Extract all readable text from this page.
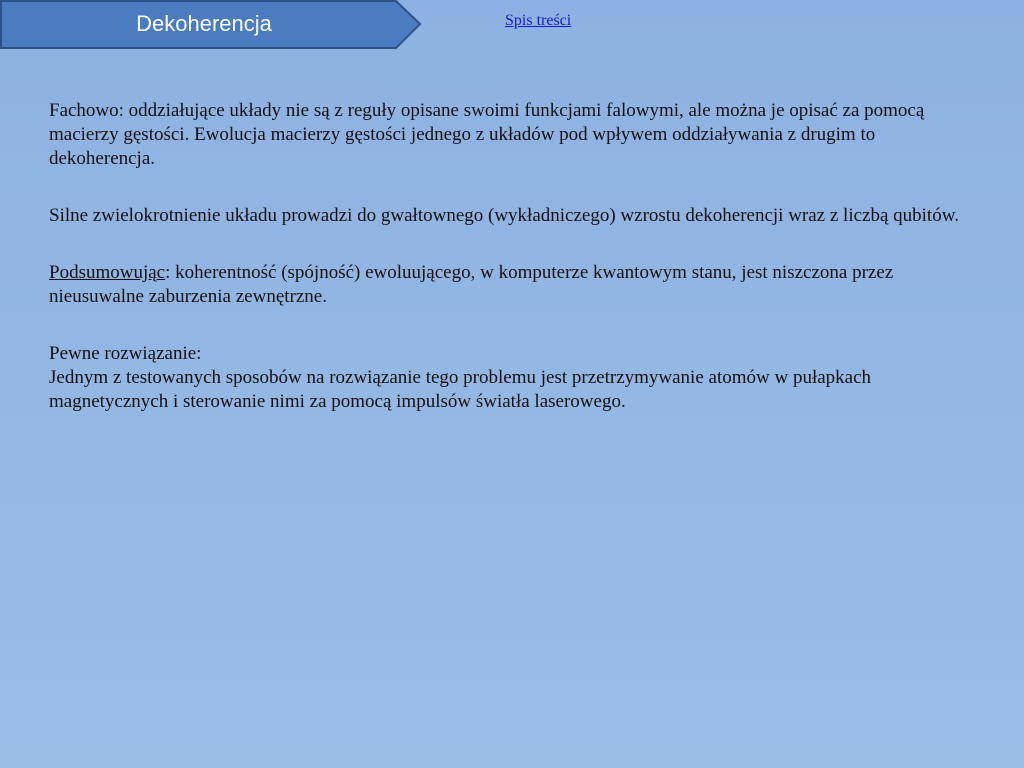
Dekoherencja	Spis treści

Fachowo: oddziałujące układy nie są z reguły opisane swoimi funkcjami falowymi, ale można je opisać za pomocą macierzy gęstości. Ewolucja macierzy gęstości jednego z układów pod wpływem oddziaływania z drugim to dekoherencja.

Silne zwielokrotnienie układu prowadzi do gwałtownego (wykładniczego) wzrostu dekoherencji wraz z liczbą qubitów.

Podsumowując: koherentność (spójność) ewoluującego, w komputerze kwantowym stanu, jest niszczona przez nieusuwalne zaburzenia zewnętrzne.

Pewne rozwiązanie:
Jednym z testowanych sposobów na rozwiązanie tego problemu jest przetrzymywanie atomów w pułapkach magnetycznych i sterowanie nimi za pomocą impulsów światła laserowego.
